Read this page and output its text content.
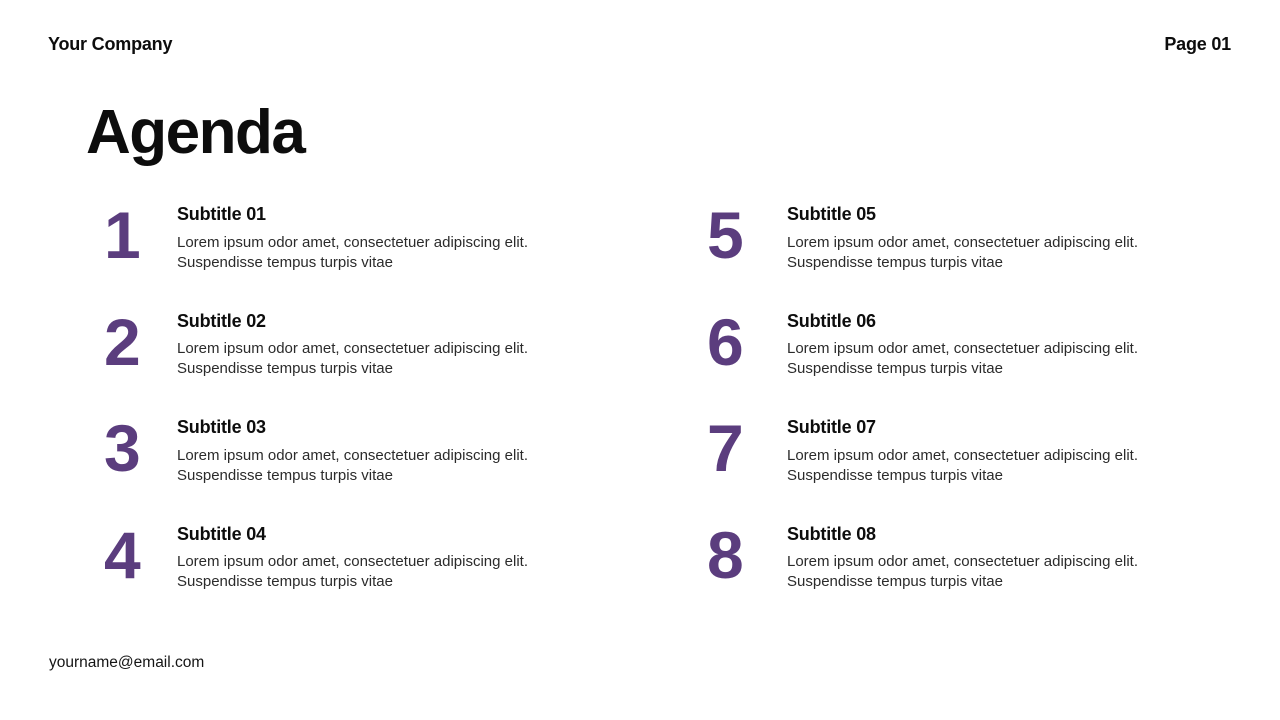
Your Company	Page 01
Agenda
1	Subtitle 01
Lorem ipsum odor amet, consectetuer adipiscing elit.
Suspendisse tempus turpis vitae
2	Subtitle 02
Lorem ipsum odor amet, consectetuer adipiscing elit.
Suspendisse tempus turpis vitae
3	Subtitle 03
Lorem ipsum odor amet, consectetuer adipiscing elit.
Suspendisse tempus turpis vitae
4	Subtitle 04
Lorem ipsum odor amet, consectetuer adipiscing elit.
Suspendisse tempus turpis vitae
5	Subtitle 05
Lorem ipsum odor amet, consectetuer adipiscing elit.
Suspendisse tempus turpis vitae
6	Subtitle 06
Lorem ipsum odor amet, consectetuer adipiscing elit.
Suspendisse tempus turpis vitae
7	Subtitle 07
Lorem ipsum odor amet, consectetuer adipiscing elit.
Suspendisse tempus turpis vitae
8	Subtitle 08
Lorem ipsum odor amet, consectetuer adipiscing elit.
Suspendisse tempus turpis vitae
yourname@email.com
